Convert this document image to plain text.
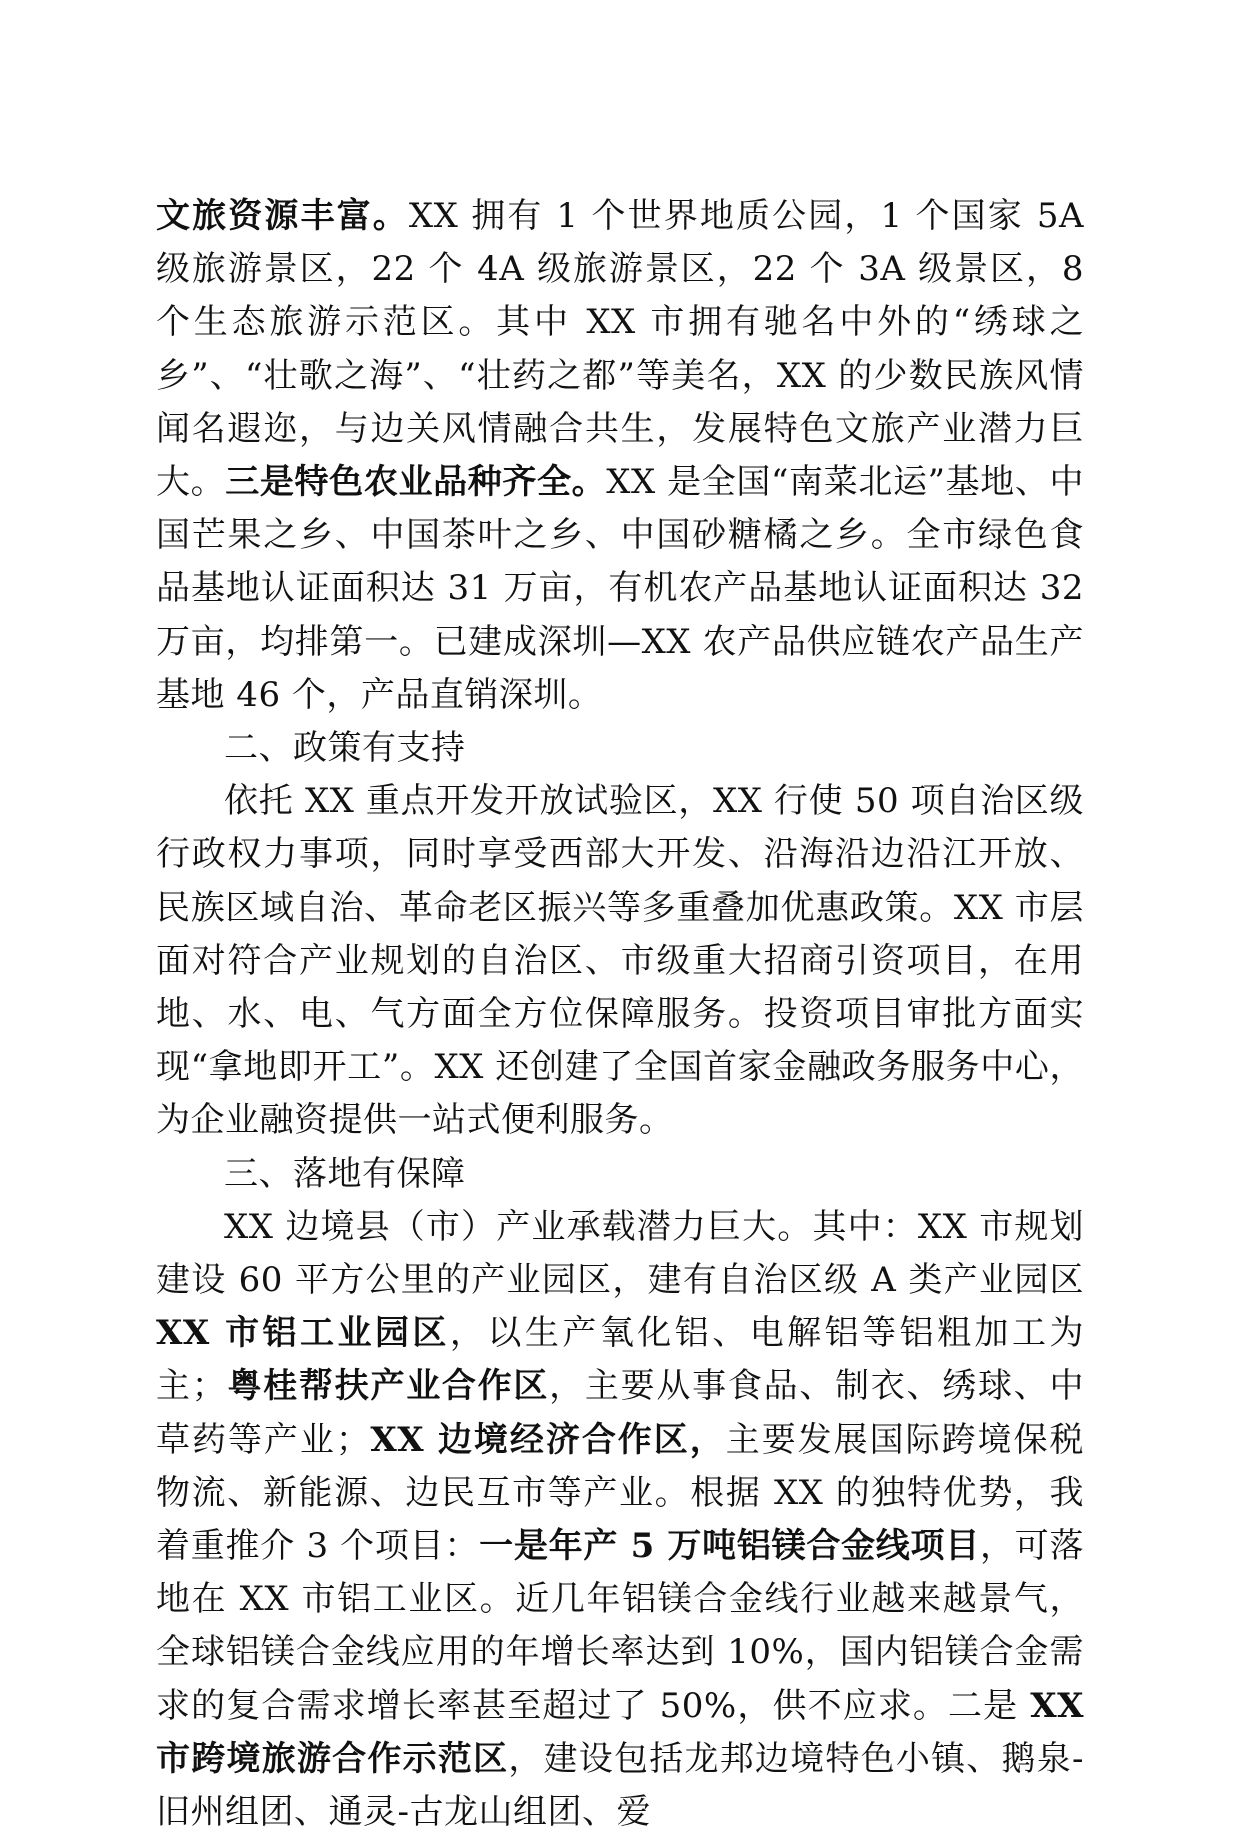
文旅资源丰富。XX 拥有 1 个世界地质公园，1 个国家 5A 级旅游景区，22 个 4A 级旅游景区，22 个 3A 级景区，8 个生态旅游示范区。其中 XX 市拥有驰名中外的“绣球之乡”、“壮歌之海”、“壮药之都”等美名，XX 的少数民族风情闻名遐迩，与边关风情融合共生，发展特色文旅产业潜力巨大。三是特色农业品种齐全。XX 是全国“南菜北运”基地、中国芒果之乡、中国茶叶之乡、中国砂糖橘之乡。全市绿色食品基地认证面积达 31 万亩，有机农产品基地认证面积达 32 万亩，均排第一。已建成深圳—XX 农产品供应链农产品生产基地 46 个，产品直销深圳。

二、政策有支持

依托 XX 重点开发开放试验区，XX 行使 50 项自治区级行政权力事项，同时享受西部大开发、沿海沿边沿江开放、民族区域自治、革命老区振兴等多重叠加优惠政策。XX 市层面对符合产业规划的自治区、市级重大招商引资项目，在用地、水、电、气方面全方位保障服务。投资项目审批方面实现“拿地即开工”。XX 还创建了全国首家金融政务服务中心，为企业融资提供一站式便利服务。

三、落地有保障

XX 边境县（市）产业承载潜力巨大。其中：XX 市规划建设 60 平方公里的产业园区，建有自治区级 A 类产业园区 XX 市铝工业园区，以生产氧化铝、电解铝等铝粗加工为主；粤桂帮扶产业合作区，主要从事食品、制衣、绣球、中草药等产业；XX 边境经济合作区，主要发展国际跨境保税物流、新能源、边民互市等产业。根据 XX 的独特优势，我着重推介 3 个项目：一是年产 5 万吨铝镁合金线项目，可落地在 XX 市铝工业区。近几年铝镁合金线行业越来越景气，全球铝镁合金线应用的年增长率达到 10%，国内铝镁合金需求的复合需求增长率甚至超过了 50%，供不应求。二是 XX 市跨境旅游合作示范区，建设包括龙邦边境特色小镇、鹅泉-旧州组团、通灵-古龙山组团、爱
